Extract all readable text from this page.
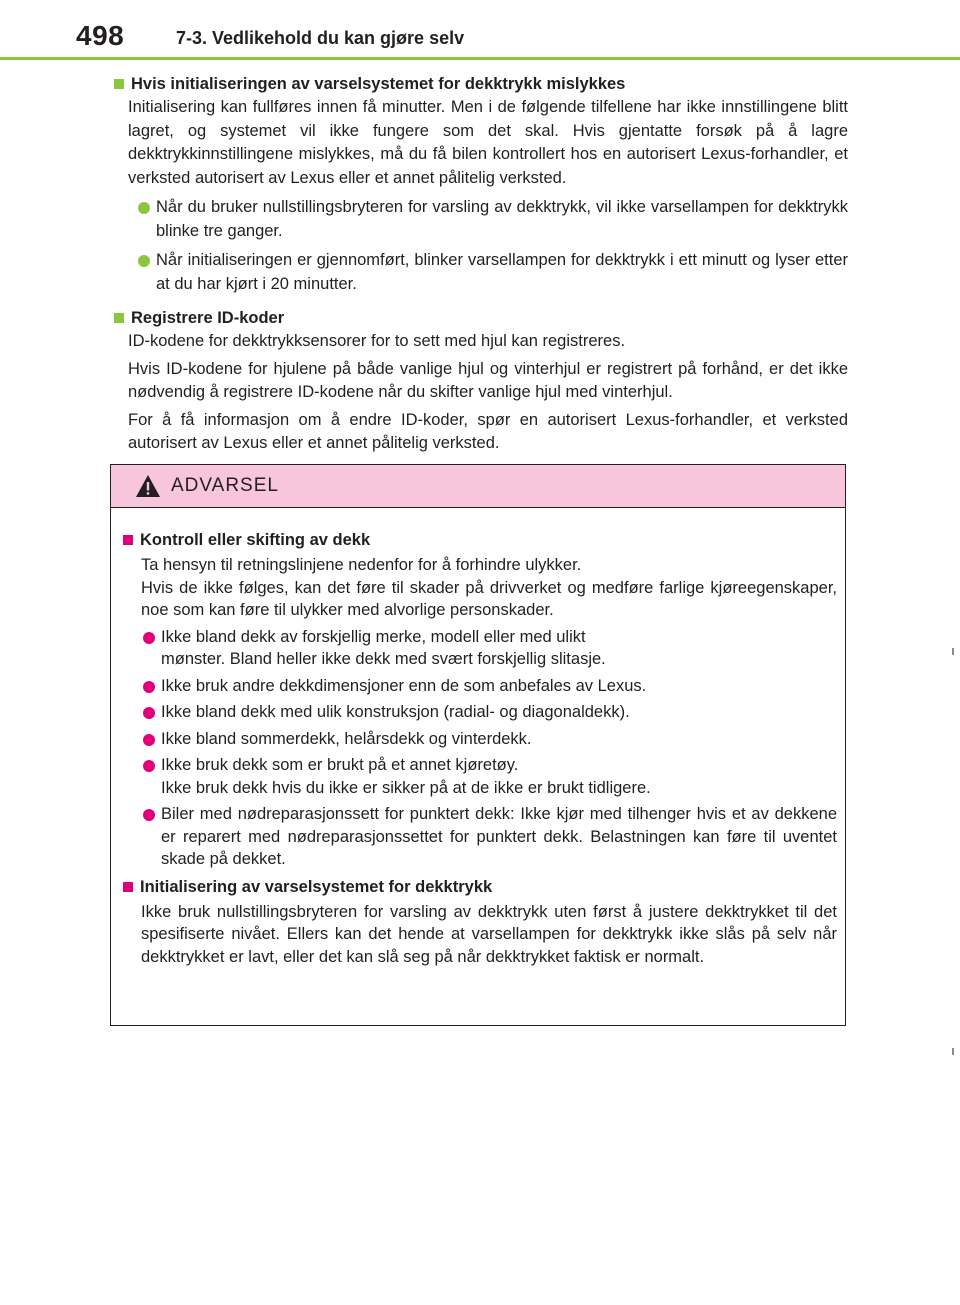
498	7-3. Vedlikehold du kan gjøre selv
Hvis initialiseringen av varselsystemet for dekktrykk mislykkes

Initialisering kan fullføres innen få minutter. Men i de følgende tilfellene har ikke innstillingene blitt lagret, og systemet vil ikke fungere som det skal. Hvis gjentatte forsøk på å lagre dekktrykkinnstillingene mislykkes, må du få bilen kontrollert hos en autorisert Lexus-forhandler, et verksted autorisert av Lexus eller et annet pålitelig verksted.

Når du bruker nullstillingsbryteren for varsling av dekktrykk, vil ikke varsellampen for dekktrykk blinke tre ganger.
Når initialiseringen er gjennomført, blinker varsellampen for dekktrykk i ett minutt og lyser etter at du har kjørt i 20 minutter.
Registrere ID-koder

ID-kodene for dekktrykksensorer for to sett med hjul kan registreres.

Hvis ID-kodene for hjulene på både vanlige hjul og vinterhjul er registrert på forhånd, er det ikke nødvendig å registrere ID-kodene når du skifter vanlige hjul med vinterhjul.

For å få informasjon om å endre ID-koder, spør en autorisert Lexus-forhandler, et verksted autorisert av Lexus eller et annet pålitelig verksted.

ADVARSEL
Kontroll eller skifting av dekk

Ta hensyn til retningslinjene nedenfor for å forhindre ulykker.
Hvis de ikke følges, kan det føre til skader på drivverket og medføre farlige kjøreegenskaper, noe som kan føre til ulykker med alvorlige personskader.

Ikke bland dekk av forskjellig merke, modell eller med ulikt
mønster. Bland heller ikke dekk med svært forskjellig slitasje.
Ikke bruk andre dekkdimensjoner enn de som anbefales av Lexus.
Ikke bland dekk med ulik konstruksjon (radial- og diagonaldekk).
Ikke bland sommerdekk, helårsdekk og vinterdekk.
Ikke bruk dekk som er brukt på et annet kjøretøy.
Ikke bruk dekk hvis du ikke er sikker på at de ikke er brukt tidligere.
Biler med nødreparasjonssett for punktert dekk: Ikke kjør med tilhenger hvis et av dekkene er reparert med nødreparasjonssettet for punktert dekk. Belastningen kan føre til uventet skade på dekket.
Initialisering av varselsystemet for dekktrykk

Ikke bruk nullstillingsbryteren for varsling av dekktrykk uten først å justere dekktrykket til det spesifiserte nivået. Ellers kan det hende at varsellampen for dekktrykk ikke slås på selv når dekktrykket er lavt, eller det kan slå seg på når dekktrykket faktisk er normalt.
